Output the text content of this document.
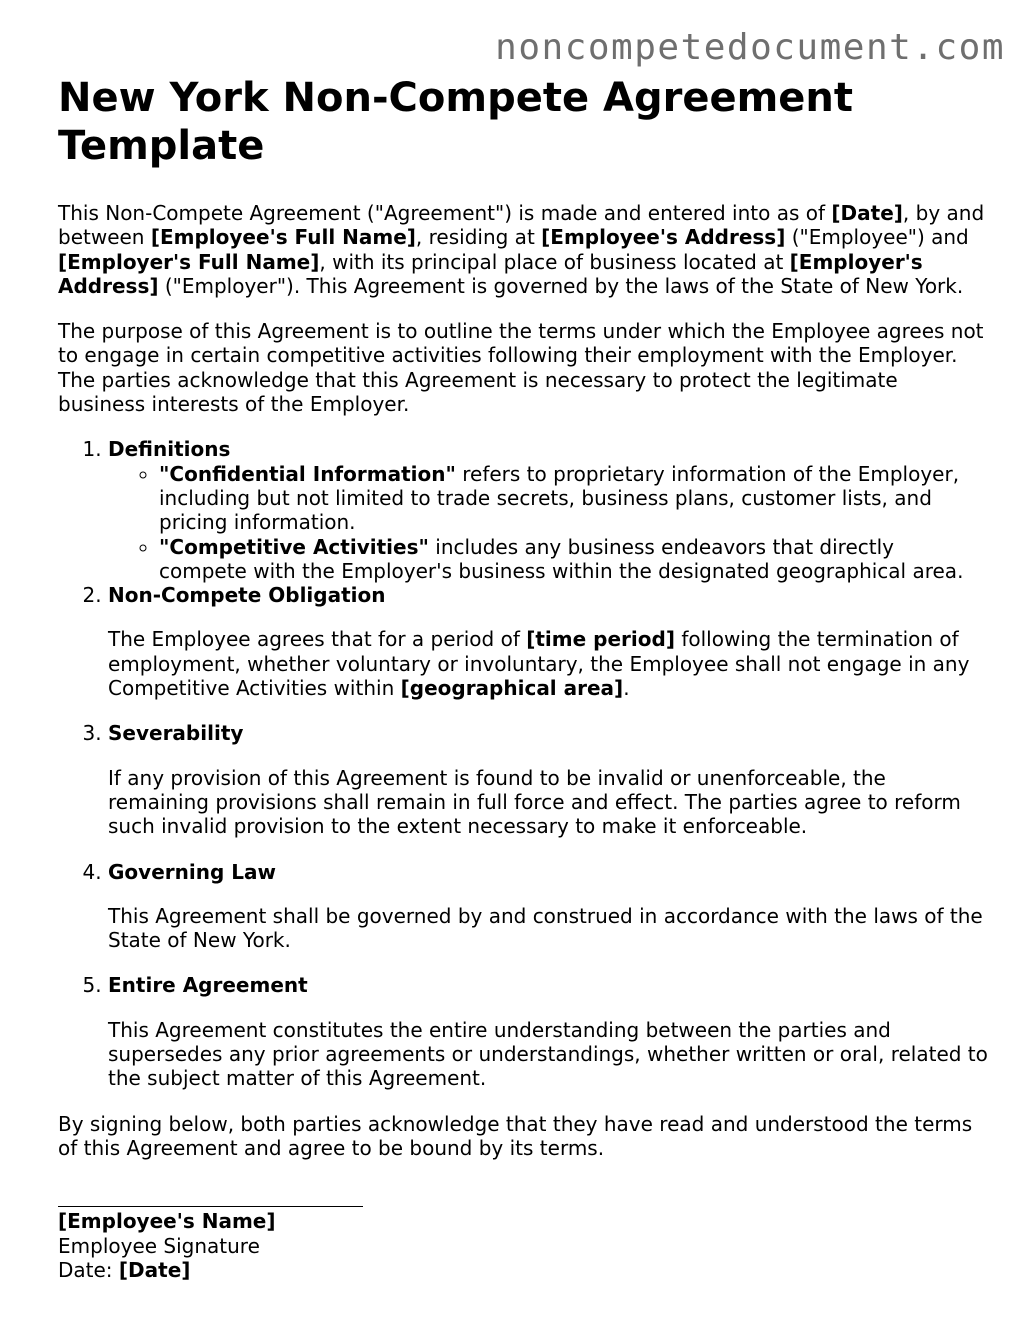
noncompetedocument.com
New York Non-Compete Agreement Template

This Non-Compete Agreement ("Agreement") is made and entered into as of [Date], by and between [Employee's Full Name], residing at [Employee's Address] ("Employee") and [Employer's Full Name], with its principal place of business located at [Employer's Address] ("Employer"). This Agreement is governed by the laws of the State of New York.

The purpose of this Agreement is to outline the terms under which the Employee agrees not to engage in certain competitive activities following their employment with the Employer. The parties acknowledge that this Agreement is necessary to protect the legitimate business interests of the Employer.

1. Definitions
◦ "Confidential Information" refers to proprietary information of the Employer, including but not limited to trade secrets, business plans, customer lists, and pricing information.
◦ "Competitive Activities" includes any business endeavors that directly compete with the Employer's business within the designated geographical area.
2. Non-Compete Obligation

The Employee agrees that for a period of [time period] following the termination of employment, whether voluntary or involuntary, the Employee shall not engage in any Competitive Activities within [geographical area].

3. Severability

If any provision of this Agreement is found to be invalid or unenforceable, the remaining provisions shall remain in full force and effect. The parties agree to reform such invalid provision to the extent necessary to make it enforceable.

4. Governing Law

This Agreement shall be governed by and construed in accordance with the laws of the State of New York.

5. Entire Agreement

This Agreement constitutes the entire understanding between the parties and supersedes any prior agreements or understandings, whether written or oral, related to the subject matter of this Agreement.

By signing below, both parties acknowledge that they have read and understood the terms of this Agreement and agree to be bound by its terms.

[Employee's Name]

Employee Signature

Date: [Date]
